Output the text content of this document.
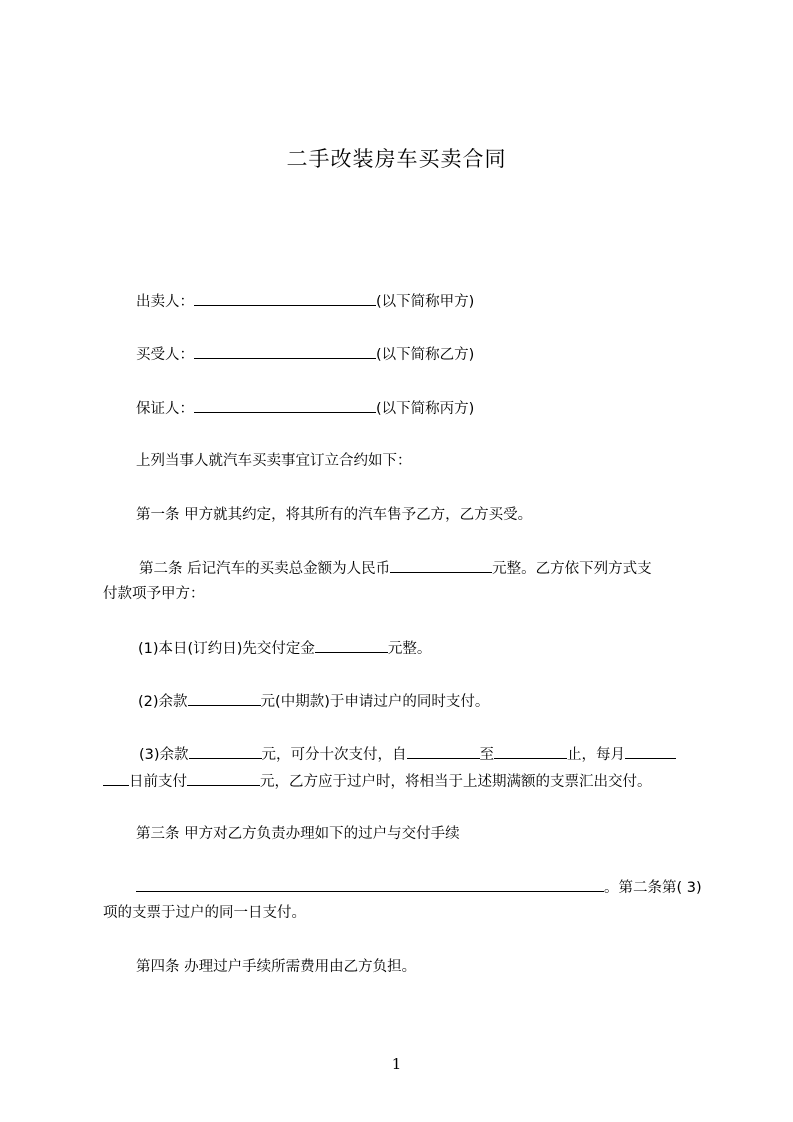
二手改装房车买卖合同
出卖人：	(以下简称甲方)
买受人：	(以下简称乙方)
保证人：	(以下简称丙方)
上列当事人就汽车买卖事宜订立合约如下：
第一条 甲方就其约定，将其所有的汽车售予乙方，乙方买受。
第二条 后记汽车的买卖总金额为人民币	元整。乙方依下列方式支
付款项予甲方：
(1)本日(订约日)先交付定金	元整。
(2)余款	元(中期款)于申请过户的同时支付。
(3)余款	元，可分十次支付，自	至	止，每月
日前支付	元，乙方应于过户时，将相当于上述期满额的支票汇出交付。
第三条 甲方对乙方负责办理如下的过户与交付手续
。第二条第( 3)
项的支票于过户的同一日支付。
第四条 办理过户手续所需费用由乙方负担。
1
